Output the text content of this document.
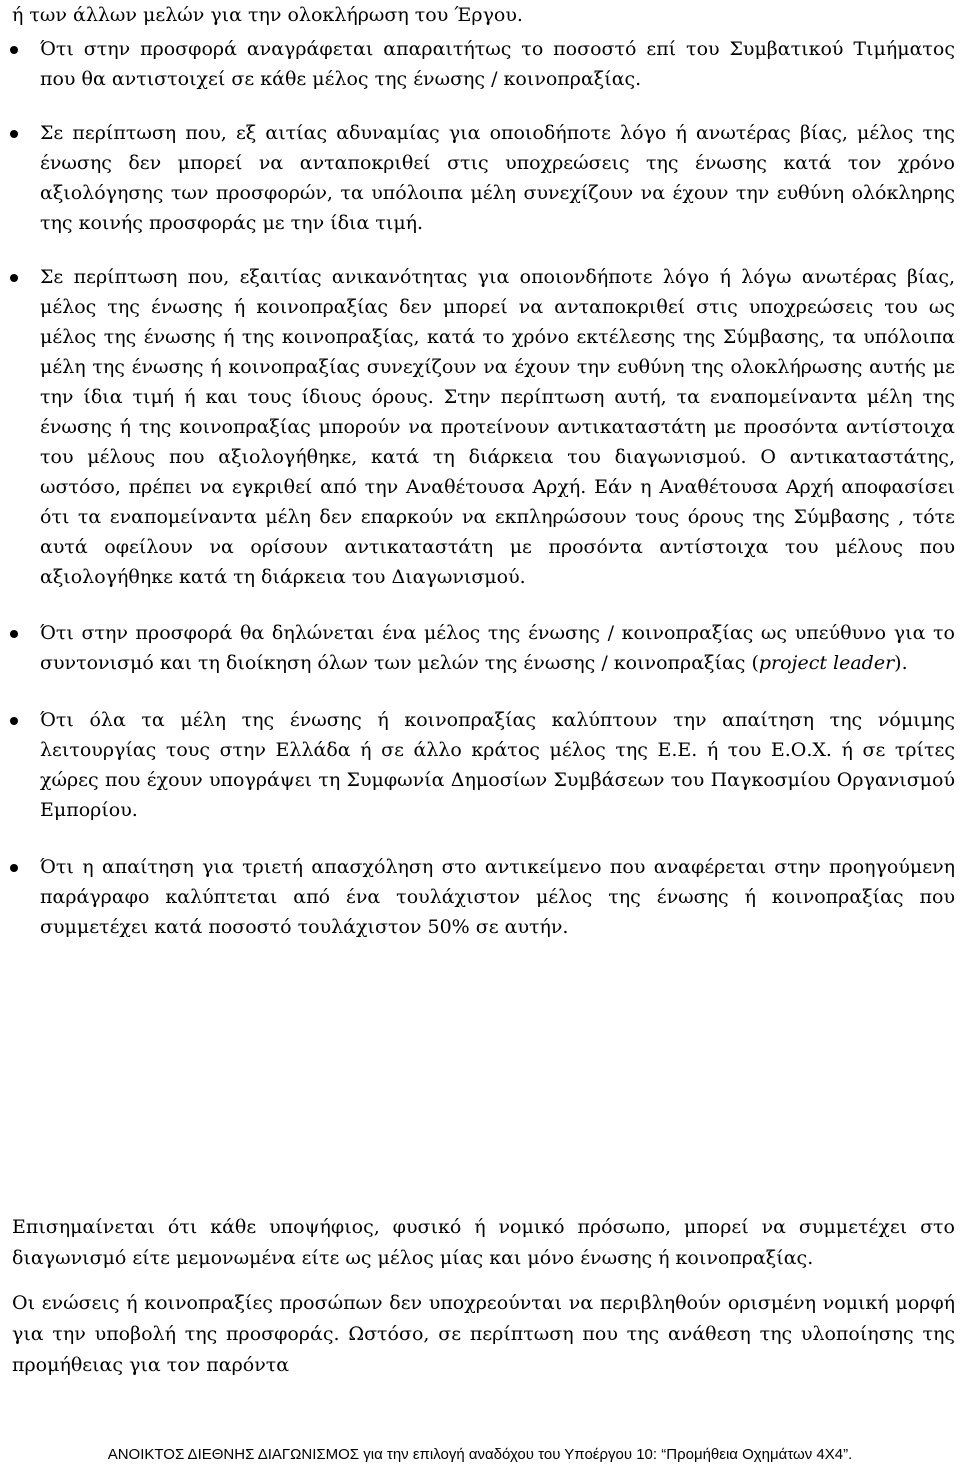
ή των άλλων μελών για την ολοκλήρωση του Έργου.

Ότι στην προσφορά αναγράφεται απαραιτήτως το ποσοστό επί του Συμβατικού Τιμήματος που θα αντιστοιχεί σε κάθε μέλος της ένωσης / κοινοπραξίας.
Σε περίπτωση που, εξ αιτίας αδυναμίας για οποιοδήποτε λόγο ή ανωτέρας βίας, μέλος της ένωσης δεν μπορεί να ανταποκριθεί στις υποχρεώσεις της ένωσης κατά τον χρόνο αξιολόγησης των προσφορών, τα υπόλοιπα μέλη συνεχίζουν να έχουν την ευθύνη ολόκληρης της κοινής προσφοράς με την ίδια τιμή.
Σε περίπτωση που, εξαιτίας ανικανότητας για οποιονδήποτε λόγο ή λόγω ανωτέρας βίας, μέλος της ένωσης ή κοινοπραξίας δεν μπορεί να ανταποκριθεί στις υποχρεώσεις του ως μέλος της ένωσης ή της κοινοπραξίας, κατά το χρόνο εκτέλεσης της Σύμβασης, τα υπόλοιπα μέλη της ένωσης ή κοινοπραξίας συνεχίζουν να έχουν την ευθύνη της ολοκλήρωσης αυτής με την ίδια τιμή ή και τους ίδιους όρους. Στην περίπτωση αυτή, τα εναπομείναντα μέλη της ένωσης ή της κοινοπραξίας μπορούν να προτείνουν αντικαταστάτη με προσόντα αντίστοιχα του μέλους που αξιολογήθηκε, κατά τη διάρκεια του διαγωνισμού. Ο αντικαταστάτης, ωστόσο, πρέπει να εγκριθεί από την Αναθέτουσα Αρχή. Εάν η Αναθέτουσα Αρχή αποφασίσει ότι τα εναπομείναντα μέλη δεν επαρκούν να εκπληρώσουν τους όρους της Σύμβασης , τότε αυτά οφείλουν να ορίσουν αντικαταστάτη με προσόντα αντίστοιχα του μέλους που αξιολογήθηκε κατά τη διάρκεια του Διαγωνισμού.
Ότι στην προσφορά θα δηλώνεται ένα μέλος της ένωσης / κοινοπραξίας ως υπεύθυνο για το συντονισμό και τη διοίκηση όλων των μελών της ένωσης / κοινοπραξίας (project leader).
Ότι όλα τα μέλη της ένωσης ή κοινοπραξίας καλύπτουν την απαίτηση της νόμιμης λειτουργίας τους στην Ελλάδα ή σε άλλο κράτος μέλος της Ε.Ε. ή του Ε.Ο.Χ. ή σε τρίτες χώρες που έχουν υπογράψει τη Συμφωνία Δημοσίων Συμβάσεων του Παγκοσμίου Οργανισμού Εμπορίου.
Ότι η απαίτηση για τριετή απασχόληση στο αντικείμενο που αναφέρεται στην προηγούμενη παράγραφο καλύπτεται από ένα τουλάχιστον μέλος της ένωσης ή κοινοπραξίας που συμμετέχει κατά ποσοστό τουλάχιστον 50% σε αυτήν.

Επισημαίνεται ότι κάθε υποψήφιος, φυσικό ή νομικό πρόσωπο, μπορεί να συμμετέχει στο διαγωνισμό είτε μεμονωμένα είτε ως μέλος μίας και μόνο ένωσης ή κοινοπραξίας.

Οι ενώσεις ή κοινοπραξίες προσώπων δεν υποχρεούνται να περιβληθούν ορισμένη νομική μορφή για την υποβολή της προσφοράς. Ωστόσο, σε περίπτωση που της ανάθεση της υλοποίησης της προμήθειας για τον παρόντα

ΑΝΟΙΚΤΟΣ ΔΙΕΘΝΗΣ ΔΙΑΓΩΝΙΣΜΟΣ για την επιλογή αναδόχου του Υποέργου 10: “Προμήθεια Οχημάτων 4Χ4”.
